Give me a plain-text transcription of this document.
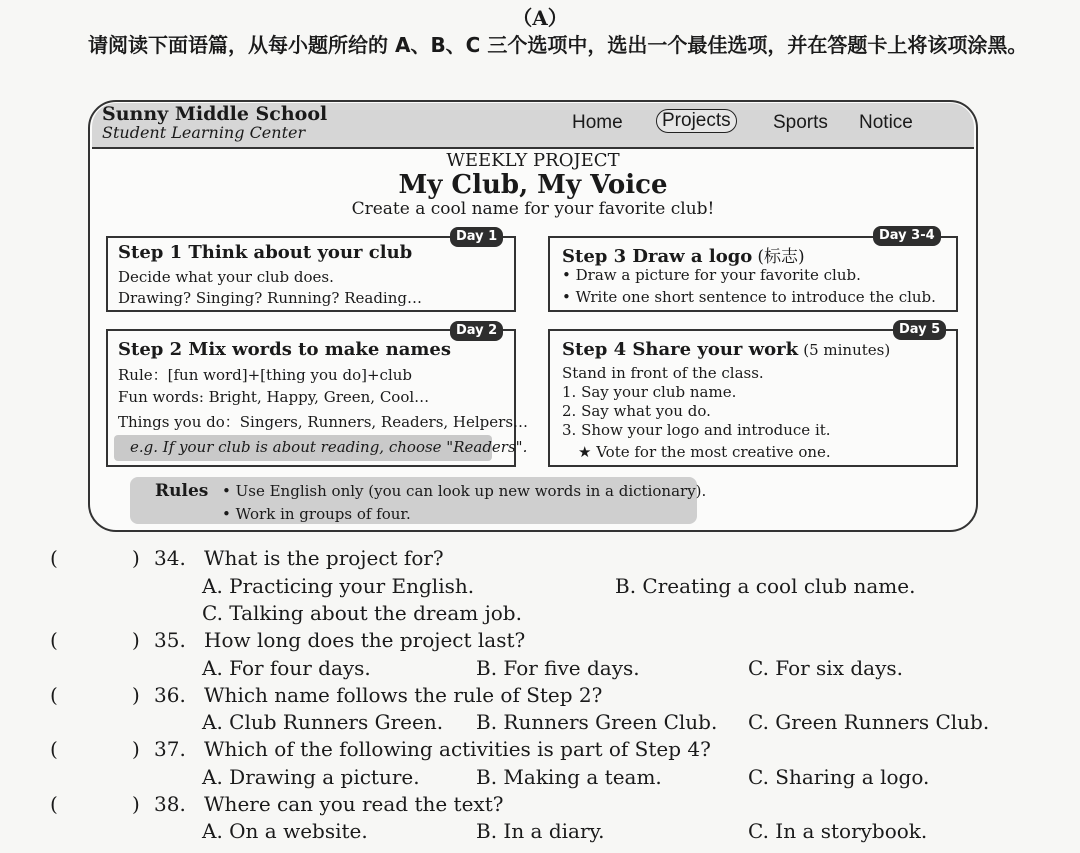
（A）
请阅读下面语篇，从每小题所给的 A、B、C 三个选项中，选出一个最佳选项，并在答题卡上将该项涂黑。
Sunny Middle School
Student Learning Center	Home	Projects	Sports Notice
WEEKLY PROJECT
My Club, My Voice
Create a cool name for your favorite club!
Day 1
Step 1 Think about your club
Decide what your club does.
Drawing? Singing? Running? Reading…
Day 3-4
Step 3 Draw a logo (标志)
• Draw a picture for your favorite club.
• Write one short sentence to introduce the club.
Day 2
Step 2 Mix words to make names
Rule：[fun word]+[thing you do]+club
Fun words: Bright, Happy, Green, Cool…
Things you do：Singers, Runners, Readers, Helpers…
e.g. If your club is about reading, choose "Readers".
Day 5
Step 4 Share your work (5 minutes)
Stand in front of the class.
1. Say your club name.
2. Say what you do.
3. Show your logo and introduce it.
★ Vote for the most creative one.
Rules • Use English only (you can look up new words in a dictionary).
• Work in groups of four.
(	) 34. What is the project for?
A. Practicing your English.	B. Creating a cool club name.
C. Talking about the dream job.
(	) 35. How long does the project last?
A. For four days.	B. For five days.	C. For six days.
(	) 36. Which name follows the rule of Step 2?
A. Club Runners Green. B. Runners Green Club. C. Green Runners Club.
(	) 37. Which of the following activities is part of Step 4?
A. Drawing a picture.	B. Making a team.	C. Sharing a logo.
(	) 38. Where can you read the text?
A. On a website.	B. In a diary.	C. In a storybook.
